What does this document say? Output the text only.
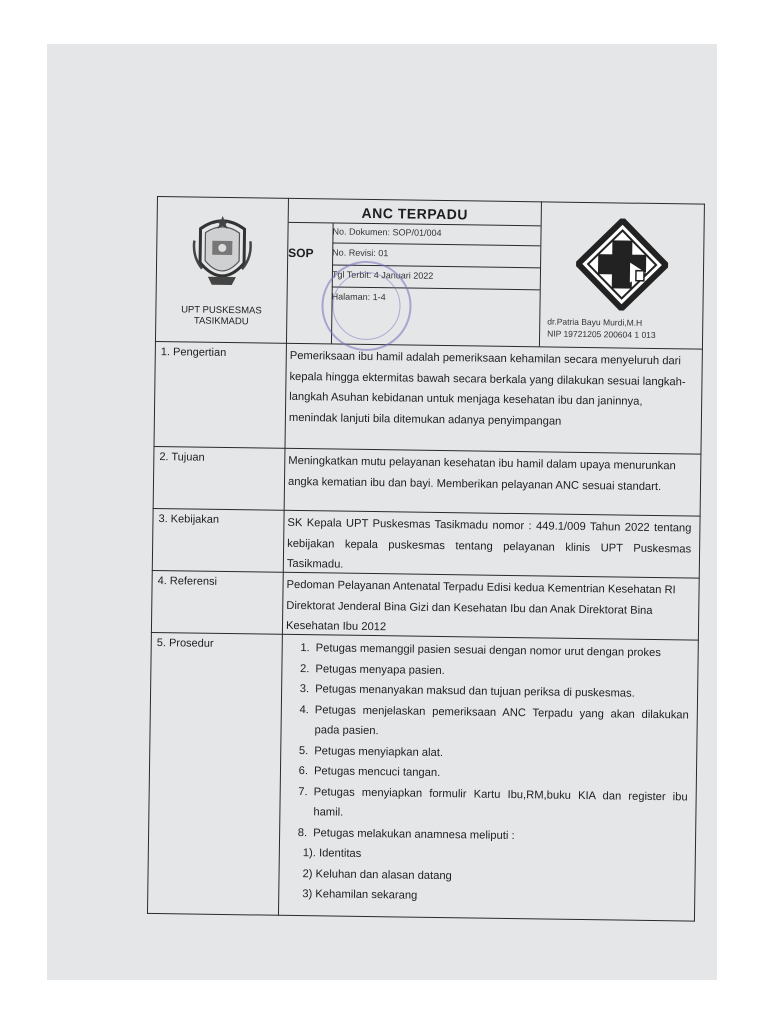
ANC TERPADU
SOP
No. Dokumen: SOP/01/004
No. Revisi: 01
Tgl Terbit: 4 Januari 2022
Halaman: 1-4
UPT PUSKESMAS
TASIKMADU	dr.Patria Bayu Murdi,M.H
NIP 19721205 200604 1 013
1. Pengertian	Pemeriksaan ibu hamil adalah pemeriksaan kehamilan secara menyeluruh dari kepala hingga ektermitas bawah secara berkala yang dilakukan sesuai langkah-langkah Asuhan kebidanan untuk menjaga kesehatan ibu dan janinnya, menindak lanjuti bila ditemukan adanya penyimpangan
2. Tujuan	Meningkatkan mutu pelayanan kesehatan ibu hamil dalam upaya menurunkan angka kematian ibu dan bayi. Memberikan pelayanan ANC sesuai standart.
3. Kebijakan	SK Kepala UPT Puskesmas Tasikmadu nomor : 449.1/009 Tahun 2022 tentang kebijakan kepala puskesmas tentang pelayanan klinis UPT Puskesmas Tasikmadu.
4. Referensi	Pedoman Pelayanan Antenatal Terpadu Edisi kedua Kementrian Kesehatan RI Direktorat Jenderal Bina Gizi dan Kesehatan Ibu dan Anak Direktorat Bina Kesehatan Ibu 2012
5. Prosedur	1. Petugas memanggil pasien sesuai dengan nomor urut dengan prokes
2. Petugas menyapa pasien.
3. Petugas menanyakan maksud dan tujuan periksa di puskesmas.
4. Petugas menjelaskan pemeriksaan ANC Terpadu yang akan dilakukan pada pasien.
5. Petugas menyiapkan alat.
6. Petugas mencuci tangan.
7. Petugas menyiapkan formulir Kartu Ibu,RM,buku KIA dan register ibu hamil.
8. Petugas melakukan anamnesa meliputi :
1). Identitas
2) Keluhan dan alasan datang
3) Kehamilan sekarang
